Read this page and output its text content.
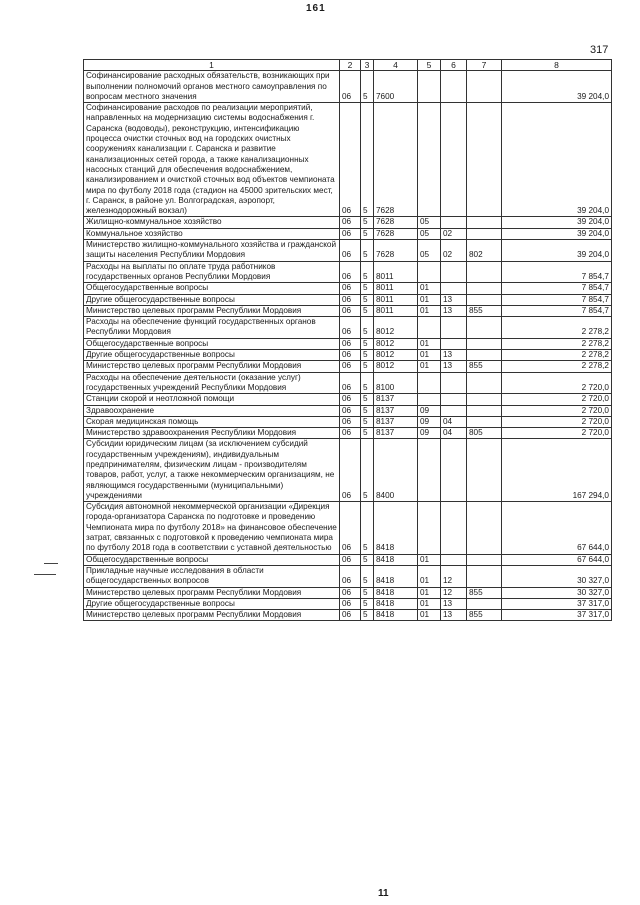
161
317
1	2	3	4	5	6	7	8
Софинансирование расходных обязательств, возникающих при выполнении полномочий органов местного самоуправления по вопросам местного значения	06	5	7600				39 204,0
Софинансирование расходов по реализации мероприятий, направленных на модернизацию системы водоснабжения г. Саранска (водоводы), реконструкцию, интенсификацию процесса очистки сточных вод на городских очистных сооружениях канализации г. Саранска и развитие канализационных сетей города, а также канализационных насосных станций для обеспечения водоснабжением, канализированием и очисткой сточных вод объектов чемпионата мира по футболу 2018 года (стадион на 45000 зрительских мест, г. Саранск, в районе ул. Волгоградская, аэропорт, железнодорожный вокзал)	06	5	7628				39 204,0
Жилищно-коммунальное хозяйство	06	5	7628	05			39 204,0
Коммунальное хозяйство	06	5	7628	05	02		39 204,0
Министерство жилищно-коммунального хозяйства и гражданской защиты населения Республики Мордовия	06	5	7628	05	02	802	39 204,0
Расходы на выплаты по оплате труда работников государственных органов Республики Мордовия	06	5	8011				7 854,7
Общегосударственные вопросы	06	5	8011	01			7 854,7
Другие общегосударственные вопросы	06	5	8011	01	13		7 854,7
Министерство целевых программ Республики Мордовия	06	5	8011	01	13	855	7 854,7
Расходы на обеспечение функций государственных органов Республики Мордовия	06	5	8012				2 278,2
Общегосударственные вопросы	06	5	8012	01			2 278,2
Другие общегосударственные вопросы	06	5	8012	01	13		2 278,2
Министерство целевых программ Республики Мордовия	06	5	8012	01	13	855	2 278,2
Расходы на обеспечение деятельности (оказание услуг) государственных учреждений Республики Мордовия	06	5	8100				2 720,0
Станции скорой и неотложной помощи	06	5	8137				2 720,0
Здравоохранение	06	5	8137	09			2 720,0
Скорая медицинская помощь	06	5	8137	09	04		2 720,0
Министерство здравоохранения Республики Мордовия	06	5	8137	09	04	805	2 720,0
Субсидии юридическим лицам (за исключением субсидий государственным учреждениям), индивидуальным предпринимателям, физическим лицам - производителям товаров, работ, услуг, а также некоммерческим организациям, не являющимся государственными (муниципальными) учреждениями	06	5	8400				167 294,0
Субсидия автономной некоммерческой организации «Дирекция города-организатора Саранска по подготовке и проведению Чемпионата мира по футболу 2018» на финансовое обеспечение затрат, связанных с подготовкой к проведению чемпионата мира по футболу 2018 года в соответствии с уставной деятельностью	06	5	8418				67 644,0
Общегосударственные вопросы	06	5	8418	01			67 644,0
Прикладные научные исследования в области общегосударственных вопросов	06	5	8418	01	12		30 327,0
Министерство целевых программ Республики Мордовия	06	5	8418	01	12	855	30 327,0
Другие общегосударственные вопросы	06	5	8418	01	13		37 317,0
Министерство целевых программ Республики Мордовия	06	5	8418	01	13	855	37 317,0
11
